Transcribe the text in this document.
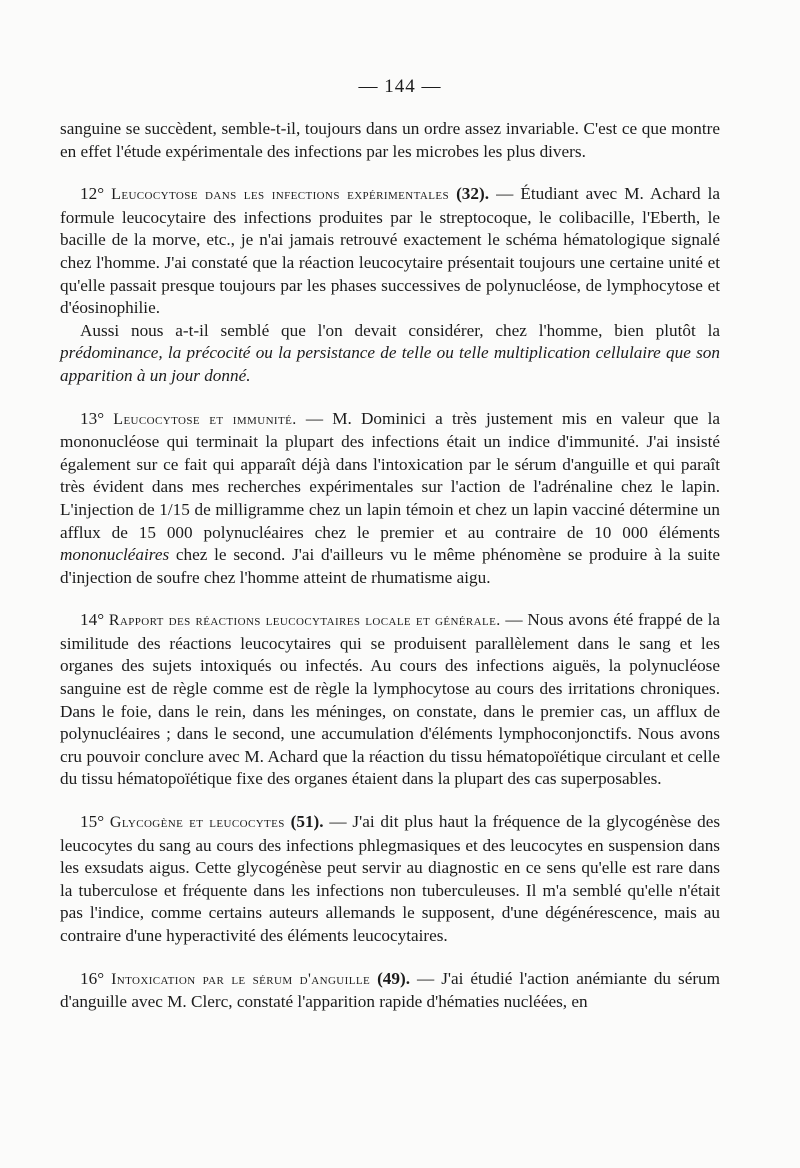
— 144 —

sanguine se succèdent, semble-t-il, toujours dans un ordre assez invariable. C'est ce que montre en effet l'étude expérimentale des infections par les microbes les plus divers.

12° Leucocytose dans les infections expérimentales (32). — Étudiant avec M. Achard la formule leucocytaire des infections produites par le streptocoque, le colibacille, l'Eberth, le bacille de la morve, etc., je n'ai jamais retrouvé exactement le schéma hématologique signalé chez l'homme. J'ai constaté que la réaction leucocytaire présentait toujours une certaine unité et qu'elle passait presque toujours par les phases successives de polynucléose, de lymphocytose et d'éosinophilie.

Aussi nous a-t-il semblé que l'on devait considérer, chez l'homme, bien plutôt la prédominance, la précocité ou la persistance de telle ou telle multiplication cellulaire que son apparition à un jour donné.

13° Leucocytose et immunité. — M. Dominici a très justement mis en valeur que la mononucléose qui terminait la plupart des infections était un indice d'immunité. J'ai insisté également sur ce fait qui apparaît déjà dans l'intoxication par le sérum d'anguille et qui paraît très évident dans mes recherches expérimentales sur l'action de l'adrénaline chez le lapin. L'injection de 1/15 de milligramme chez un lapin témoin et chez un lapin vacciné détermine un afflux de 15 000 polynucléaires chez le premier et au contraire de 10 000 éléments mononucléaires chez le second. J'ai d'ailleurs vu le même phénomène se produire à la suite d'injection de soufre chez l'homme atteint de rhumatisme aigu.

14° Rapport des réactions leucocytaires locale et générale. — Nous avons été frappé de la similitude des réactions leucocytaires qui se produisent parallèlement dans le sang et les organes des sujets intoxiqués ou infectés. Au cours des infections aiguës, la polynucléose sanguine est de règle comme est de règle la lymphocytose au cours des irritations chroniques. Dans le foie, dans le rein, dans les méninges, on constate, dans le premier cas, un afflux de polynucléaires ; dans le second, une accumulation d'éléments lymphoconjonctifs. Nous avons cru pouvoir conclure avec M. Achard que la réaction du tissu hématopoïétique circulant et celle du tissu hématopoïétique fixe des organes étaient dans la plupart des cas superposables.

15° Glycogène et leucocytes (51). — J'ai dit plus haut la fréquence de la glycogénèse des leucocytes du sang au cours des infections phlegmasiques et des leucocytes en suspension dans les exsudats aigus. Cette glycogénèse peut servir au diagnostic en ce sens qu'elle est rare dans la tuberculose et fréquente dans les infections non tuberculeuses. Il m'a semblé qu'elle n'était pas l'indice, comme certains auteurs allemands le supposent, d'une dégénérescence, mais au contraire d'une hyperactivité des éléments leucocytaires.

16° Intoxication par le sérum d'anguille (49). — J'ai étudié l'action anémiante du sérum d'anguille avec M. Clerc, constaté l'apparition rapide d'hématies nucléées, en
